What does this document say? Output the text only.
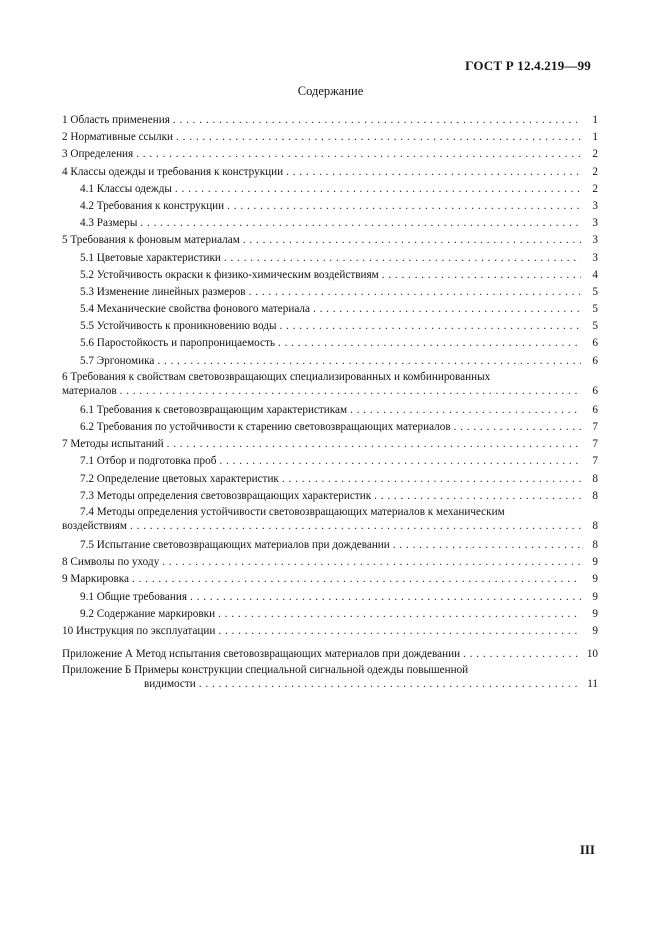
ГОСТ Р 12.4.219—99
Содержание
1 Область применения . . .	1
2 Нормативные ссылки . . .	1
3 Определения . . .	2
4 Классы одежды и требования к конструкции . . .	2
4.1 Классы одежды . . .	2
4.2 Требования к конструкции . . .	3
4.3 Размеры . . .	3
5 Требования к фоновым материалам . . .	3
5.1 Цветовые характеристики . . .	3
5.2 Устойчивость окраски к физико-химическим воздействиям . . .	4
5.3 Изменение линейных размеров . . .	5
5.4 Механические свойства фонового материала . . .	5
5.5 Устойчивость к проникновению воды . . .	5
5.6 Паростойкость и паропроницаемость . . .	6
5.7 Эргономика . . .	6
6 Требования к свойствам световозвращающих специализированных и комбинированных
материалов . . .	6
6.1 Требования к световозвращающим характеристикам . . .	6
6.2 Требования по устойчивости к старению световозвращающих материалов . . .	7
7 Методы испытаний . . .	7
7.1 Отбор и подготовка проб . . .	7
7.2 Определение цветовых характеристик . . .	8
7.3 Методы определения световозвращающих характеристик . . .	8
7.4 Методы определения устойчивости световозвращающих материалов к механическим
воздействиям . . .	8
7.5 Испытание световозвращающих материалов при дождевании . . .	8
8 Символы по уходу . . .	9
9 Маркировка . . .	9
9.1 Общие требования . . .	9
9.2 Содержание маркировки . . .	9
10 Инструкция по эксплуатации . . .	9
Приложение А Метод испытания световозвращающих материалов при дождевании . . .	10
Приложение Б Примеры конструкции специальной сигнальной одежды повышенной
видимости . . .	11
III
